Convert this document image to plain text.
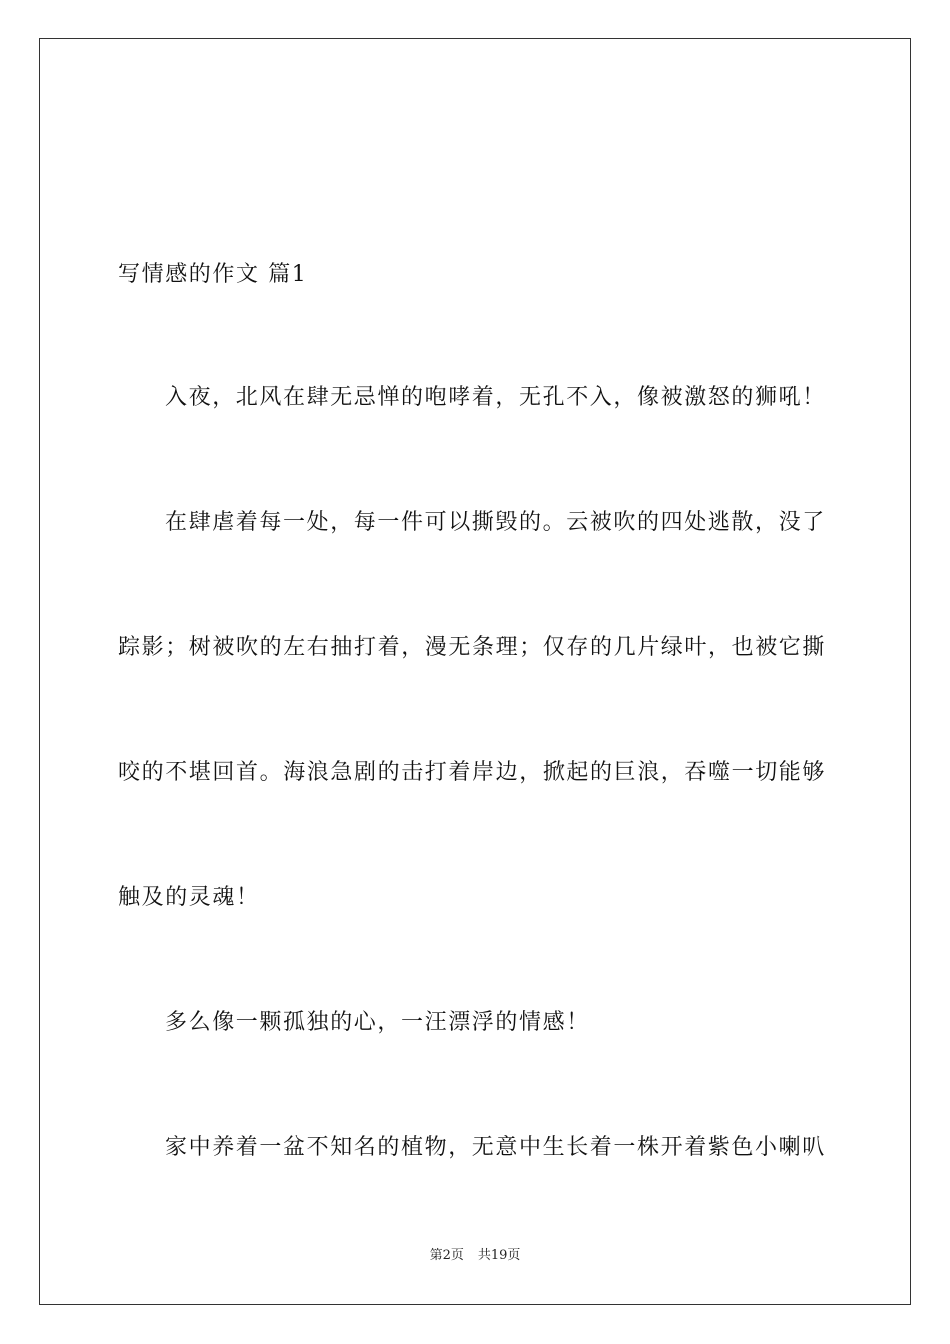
写情感的作文 篇1
入夜，北风在肆无忌惮的咆哮着，无孔不入，像被激怒的狮吼！
在肆虐着每一处，每一件可以撕毁的。云被吹的四处逃散，没了
踪影；树被吹的左右抽打着，漫无条理；仅存的几片绿叶，也被它撕
咬的不堪回首。海浪急剧的击打着岸边，掀起的巨浪，吞噬一切能够
触及的灵魂！
多么像一颗孤独的心，一汪漂浮的情感！
家中养着一盆不知名的植物，无意中生长着一株开着紫色小喇叭
第2页 共19页
